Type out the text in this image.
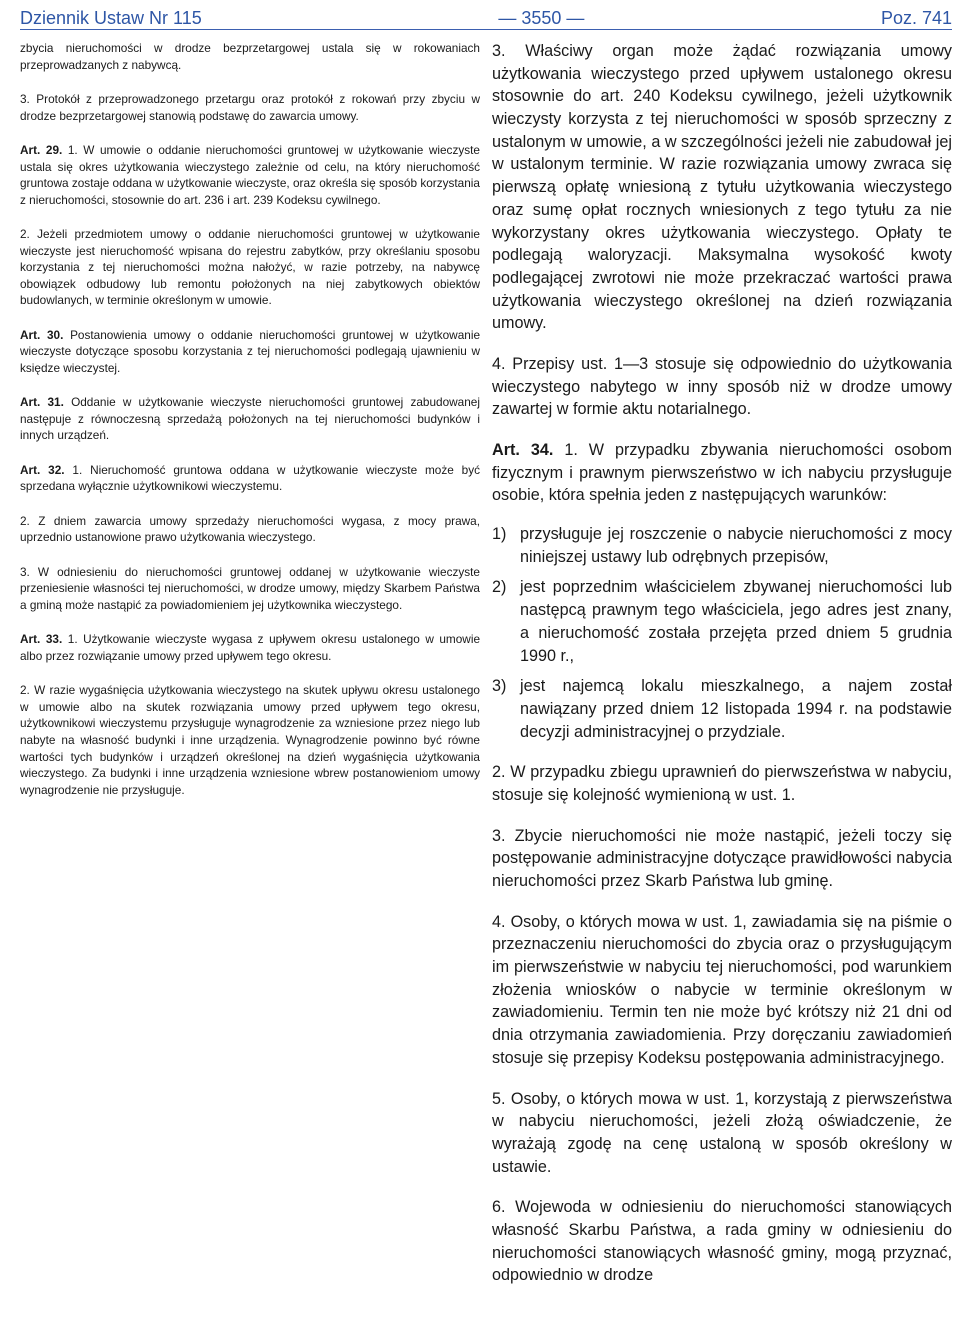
Dziennik Ustaw Nr 115	— 3550 —	Poz. 741

zbycia nieruchomości w drodze bezprzetargowej ustala się w rokowaniach przeprowadzanych z nabywcą.

3. Protokół z przeprowadzonego przetargu oraz protokół z rokowań przy zbyciu w drodze bezprzetargowej stanowią podstawę do zawarcia umowy.

Art. 29. 1. W umowie o oddanie nieruchomości gruntowej w użytkowanie wieczyste ustala się okres użytkowania wieczystego zależnie od celu, na który nieruchomość gruntowa zostaje oddana w użytkowanie wieczyste, oraz określa się sposób korzystania z nieruchomości, stosownie do art. 236 i art. 239 Kodeksu cywilnego.

2. Jeżeli przedmiotem umowy o oddanie nieruchomości gruntowej w użytkowanie wieczyste jest nieruchomość wpisana do rejestru zabytków, przy określaniu sposobu korzystania z tej nieruchomości można nałożyć, w razie potrzeby, na nabywcę obowiązek odbudowy lub remontu położonych na niej zabytkowych obiektów budowlanych, w terminie określonym w umowie.

Art. 30. Postanowienia umowy o oddanie nieruchomości gruntowej w użytkowanie wieczyste dotyczące sposobu korzystania z tej nieruchomości podlegają ujawnieniu w księdze wieczystej.

Art. 31. Oddanie w użytkowanie wieczyste nieruchomości gruntowej zabudowanej następuje z równoczesną sprzedażą położonych na tej nieruchomości budynków i innych urządzeń.

Art. 32. 1. Nieruchomość gruntowa oddana w użytkowanie wieczyste może być sprzedana wyłącznie użytkownikowi wieczystemu.

2. Z dniem zawarcia umowy sprzedaży nieruchomości wygasa, z mocy prawa, uprzednio ustanowione prawo użytkowania wieczystego.

3. W odniesieniu do nieruchomości gruntowej oddanej w użytkowanie wieczyste przeniesienie własności tej nieruchomości, w drodze umowy, między Skarbem Państwa a gminą może nastąpić za powiadomieniem jej użytkownika wieczystego.

Art. 33. 1. Użytkowanie wieczyste wygasa z upływem okresu ustalonego w umowie albo przez rozwiązanie umowy przed upływem tego okresu.

2. W razie wygaśnięcia użytkowania wieczystego na skutek upływu okresu ustalonego w umowie albo na skutek rozwiązania umowy przed upływem tego okresu, użytkownikowi wieczystemu przysługuje wynagrodzenie za wzniesione przez niego lub nabyte na własność budynki i inne urządzenia. Wynagrodzenie powinno być równe wartości tych budynków i urządzeń określonej na dzień wygaśnięcia użytkowania wieczystego. Za budynki i inne urządzenia wzniesione wbrew postanowieniom umowy wynagrodzenie nie przysługuje.

3. Właściwy organ może żądać rozwiązania umowy użytkowania wieczystego przed upływem ustalonego okresu stosownie do art. 240 Kodeksu cywilnego, jeżeli użytkownik wieczysty korzysta z tej nieruchomości w sposób sprzeczny z ustalonym w umowie, a w szczególności jeżeli nie zabudował jej w ustalonym terminie. W razie rozwiązania umowy zwraca się pierwszą opłatę wniesioną z tytułu użytkowania wieczystego oraz sumę opłat rocznych wniesionych z tego tytułu za nie wykorzystany okres użytkowania wieczystego. Opłaty te podlegają waloryzacji. Maksymalna wysokość kwoty podlegającej zwrotowi nie może przekraczać wartości prawa użytkowania wieczystego określonej na dzień rozwiązania umowy.

4. Przepisy ust. 1—3 stosuje się odpowiednio do użytkowania wieczystego nabytego w inny sposób niż w drodze umowy zawartej w formie aktu notarialnego.

Art. 34. 1. W przypadku zbywania nieruchomości osobom fizycznym i prawnym pierwszeństwo w ich nabyciu przysługuje osobie, która spełnia jeden z następujących warunków:

1) przysługuje jej roszczenie o nabycie nieruchomości z mocy niniejszej ustawy lub odrębnych przepisów,
2) jest poprzednim właścicielem zbywanej nieruchomości lub następcą prawnym tego właściciela, jego adres jest znany, a nieruchomość została przejęta przed dniem 5 grudnia 1990 r.,
3) jest najemcą lokalu mieszkalnego, a najem został nawiązany przed dniem 12 listopada 1994 r. na podstawie decyzji administracyjnej o przydziale.

2. W przypadku zbiegu uprawnień do pierwszeństwa w nabyciu, stosuje się kolejność wymienioną w ust. 1.

3. Zbycie nieruchomości nie może nastąpić, jeżeli toczy się postępowanie administracyjne dotyczące prawidłowości nabycia nieruchomości przez Skarb Państwa lub gminę.

4. Osoby, o których mowa w ust. 1, zawiadamia się na piśmie o przeznaczeniu nieruchomości do zbycia oraz o przysługującym im pierwszeństwie w nabyciu tej nieruchomości, pod warunkiem złożenia wniosków o nabycie w terminie określonym w zawiadomieniu. Termin ten nie może być krótszy niż 21 dni od dnia otrzymania zawiadomienia. Przy doręczaniu zawiadomień stosuje się przepisy Kodeksu postępowania administracyjnego.

5. Osoby, o których mowa w ust. 1, korzystają z pierwszeństwa w nabyciu nieruchomości, jeżeli złożą oświadczenie, że wyrażają zgodę na cenę ustaloną w sposób określony w ustawie.

6. Wojewoda w odniesieniu do nieruchomości stanowiących własność Skarbu Państwa, a rada gminy w odniesieniu do nieruchomości stanowiących własność gminy, mogą przyznać, odpowiednio w drodze
